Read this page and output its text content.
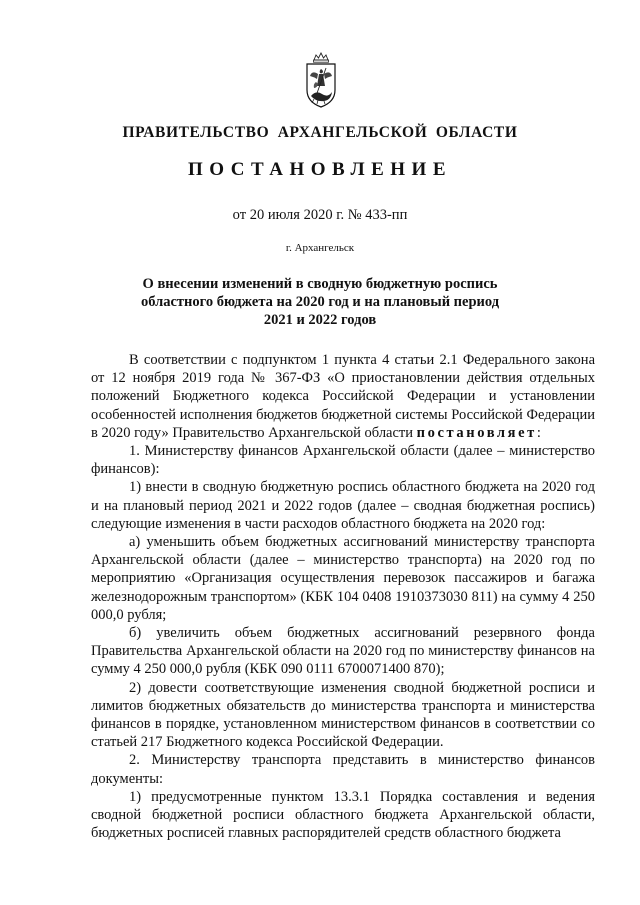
ПРАВИТЕЛЬСТВО АРХАНГЕЛЬСКОЙ ОБЛАСТИ
ПОСТАНОВЛЕНИЕ
от 20 июля 2020 г. № 433-пп
г. Архангельск
О внесении изменений в сводную бюджетную роспись
областного бюджета на 2020 год и на плановый период
2021 и 2022 годов

В соответствии с подпунктом 1 пункта 4 статьи 2.1 Федерального закона от 12 ноября 2019 года № 367-ФЗ «О приостановлении действия отдельных положений Бюджетного кодекса Российской Федерации и установлении особенностей исполнения бюджетов бюджетной системы Российской Федерации в 2020 году» Правительство Архангельской области постановляет:

1. Министерству финансов Архангельской области (далее – министерство финансов):

1) внести в сводную бюджетную роспись областного бюджета на 2020 год и на плановый период 2021 и 2022 годов (далее – сводная бюджетная роспись) следующие изменения в части расходов областного бюджета на 2020 год:

а) уменьшить объем бюджетных ассигнований министерству транспорта Архангельской области (далее – министерство транспорта) на 2020 год по мероприятию «Организация осуществления перевозок пассажиров и багажа железнодорожным транспортом» (КБК 104 0408 1910373030 811) на сумму 4 250 000,0 рубля;

б) увеличить объем бюджетных ассигнований резервного фонда Правительства Архангельской области на 2020 год по министерству финансов на сумму 4 250 000,0 рубля (КБК 090 0111 6700071400 870);

2) довести соответствующие изменения сводной бюджетной росписи и лимитов бюджетных обязательств до министерства транспорта и министерства финансов в порядке, установленном министерством финансов в соответствии со статьей 217 Бюджетного кодекса Российской Федерации.

2. Министерству транспорта представить в министерство финансов документы:

1) предусмотренные пунктом 13.3.1 Порядка составления и ведения сводной бюджетной росписи областного бюджета Архангельской области, бюджетных росписей главных распорядителей средств областного бюджета
